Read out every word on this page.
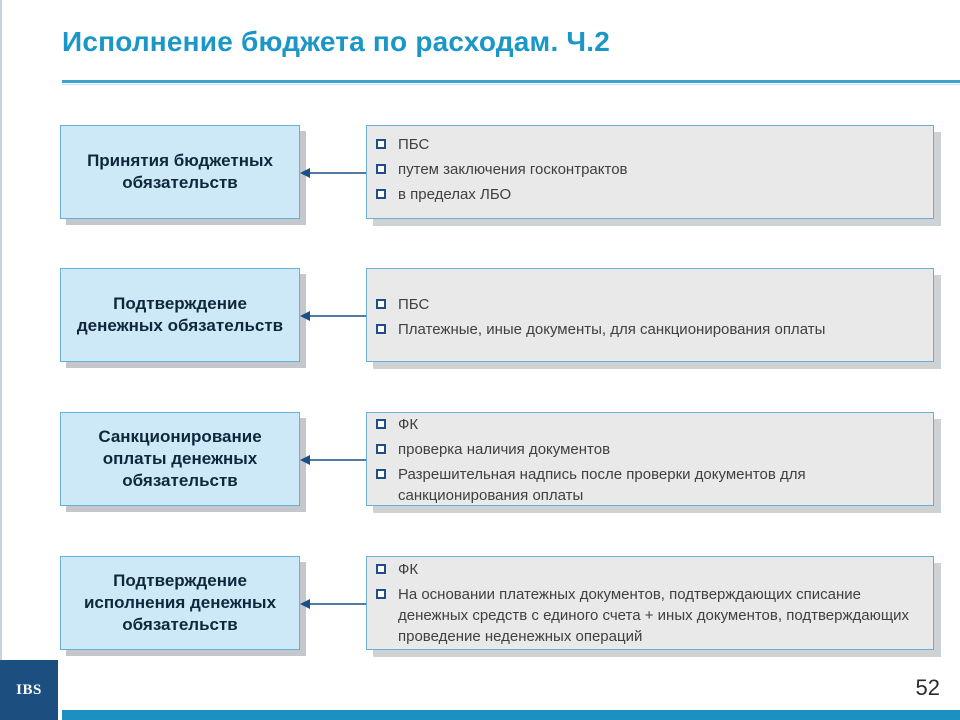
Исполнение бюджета по расходам. Ч.2
Принятия бюджетных обязательств
ПБС
путем заключения госконтрактов
в пределах ЛБО
Подтверждение денежных обязательств
ПБС
Платежные, иные документы, для санкционирования оплаты
Санкционирование оплаты денежных обязательств
ФК
проверка наличия документов
Разрешительная надпись после проверки документов для санкционирования оплаты
Подтверждение исполнения денежных обязательств
ФК
На основании платежных документов, подтверждающих списание денежных средств с единого счета + иных документов, подтверждающих проведение неденежных операций
IBS	52
